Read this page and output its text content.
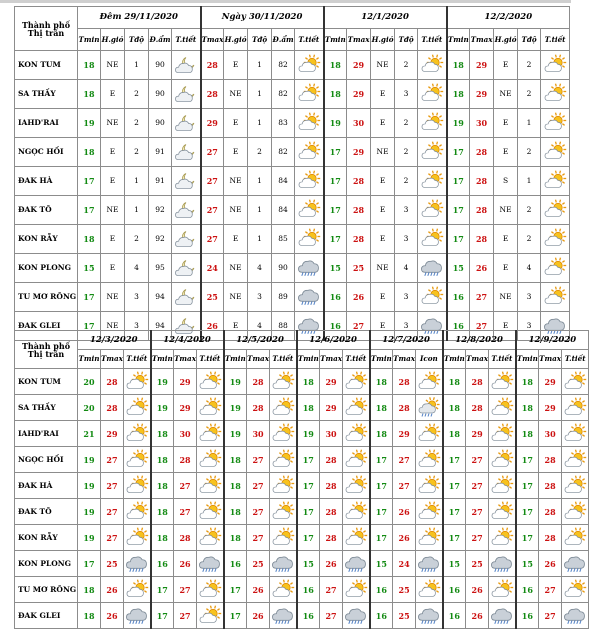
Thành phố Thị trấn	Đêm 29/11/2020					Ngày 30/11/2020					12/1/2020					12/2/2020				
	Tmin	H.gió	Tđộ	Đ.ẩm	T.tiết	Tmax	H.gió	Tđộ	Đ.ẩm	T.tiết	Tmin	Tmax	H.gió	Tđộ	T.tiết	Tmin	Tmax	H.gió	Tđộ	T.tiết
KON TUM	18	NE	1	90		28	E	1	82		18	29	NE	2		18	29	E	2	

SA THẦY	18	E	2	90		28	NE	1	82		18	29	E	3		18	29	NE	2	

IAHD'RAI	19	NE	2	90		29	E	1	83		19	30	E	2		19	30	E	1	

NGỌC HỒI	18	E	2	91		27	E	2	82		17	29	NE	2		17	28	E	2	

ĐAK HÀ	17	E	1	91		27	NE	1	84		17	28	E	2		17	28	S	1	

ĐAK TÔ	17	NE	1	92		27	NE	1	84		17	28	E	3		17	28	NE	2	

KON RẪY	18	E	2	92		27	E	1	85		17	28	E	3		17	28	E	2	

KON PLONG	15	E	4	95		24	NE	4	90		15	25	NE	4		15	26	E	4	

TU MƠ RÔNG	17	NE	3	94		25	NE	3	89		16	26	E	3		16	27	NE	3	

ĐAK GLEI	17	NE	3	94		26	E	4	88		16	27	E	3		16	27	E	3	
Thành phố Thị trấn	12/3/2020			12/4/2020			12/5/2020			12/6/2020			12/7/2020			12/8/2020			12/9/2020		
	Tmin	Tmax	T.tiết	Tmin	Tmax	T.tiết	Tmin	Tmax	T.tiết	Tmin	Tmax	T.tiết	Tmin	Tmax	Icon	Tmin	Tmax	T.tiết	Tmin	Tmax	T.tiết
KON TUM	20	28		19	29		19	28		18	29		18	28		18	28		18	29	

SA THẦY	20	28		19	29		19	28		18	29		18	28		18	28		18	29	

IAHD'RAI	21	29		18	30		19	30		19	30		18	29		18	29		18	30	

NGỌC HỒI	19	27		18	28		18	27		17	28		17	27		17	27		17	28	

ĐAK HÀ	19	27		18	27		18	27		17	28		17	27		17	27		17	28	

ĐAK TÔ	19	27		18	27		18	27		17	28		17	26		17	27		17	28	

KON RẪY	19	27		18	28		18	27		17	28		17	26		17	27		17	28	

KON PLONG	17	25		16	26		16	25		15	26		15	24		15	25		15	26	

TU MƠ RÔNG	18	26		17	27		17	26		16	27		16	25		16	26		16	27	

ĐAK GLEI	18	26		17	27		17	26		16	27		16	25		16	26		16	27	
